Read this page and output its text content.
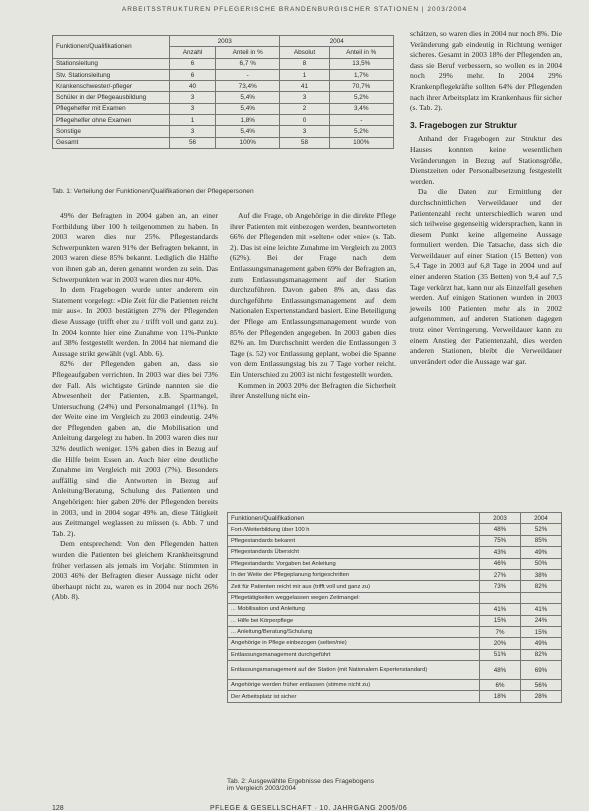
ARBEITSSTRUKTUREN PFLEGERISCHE BRANDENBURGISCHER STATIONEN | 2003/2004
Funktionen/Qualifikationen	2003		2004	
	Anzahl	Anteil in %	Absolut	Anteil in %
Stationsleitung	6	6,7 %	8	13,5%
Stv. Stationsleitung	6	-	1	1,7%
Krankenschwester/-pfleger	40	73,4%	41	70,7%
Schüler in der Pflegeausbildung	3	5,4%	3	5,2%
Pflegehelfer mit Examen	3	5,4%	2	3,4%
Pflegehelfer ohne Examen	1	1,8%	0	-
Sonstige	3	5,4%	3	5,2%
Gesamt	56	100%	58	100%
Tab. 1: Verteilung der Funktionen/Qualifikationen der Pflegepersonen

49% der Befragten in 2004 gaben an, an einer Fortbildung über 100 h teilgenommen zu haben. In 2003 waren dies nur 25%. Pflegestandards Schwerpunkten waren 91% der Befragten bekannt, in 2003 waren diese 85% bekannt. Lediglich die Hälfte von ihnen gab an, deren genannt worden zu sein. Das Schwerpunkten war in 2003 waren dies nur 40%.

In dem Fragebogen wurde unter anderem ein Statement vorgelegt: »Die Zeit für die Patienten reicht mir aus«. In 2003 bestätigten 27% der Pflegenden diese Aussage (trifft eher zu / trifft voll und ganz zu). In 2004 konnte hier eine Zunahme von 11%-Punkte auf 38% festgestellt werden. In 2004 hat niemand die Aussage strikt gewählt (vgl. Abb. 6).

82% der Pflegenden gaben an, dass sie Pflegeaufgaben verrichten. In 2003 war dies bei 73% der Fall. Als wichtigste Gründe nannten sie die Abwesenheit der Patienten, z.B. Sparmangel, Untersuchung (24%) und Personalmangel (11%). In der Weite eine im Vergleich zu 2003 eindeutig. 24% der Pflegenden gaben an, die Mobilisation und Anleitung dargelegt zu haben. In 2003 waren dies nur 32% deutlich weniger. 15% gaben dies in Bezug auf die Hilfe beim Essen an. Auch hier eine deutliche Zunahme im Vergleich mit 2003 (7%). Besonders auffällig sind die Antworten in Bezug auf Anleitung/Beratung, Schulung des Patienten und Angehörigen: hier gaben 20% der Pflegenden bereits in 2003, und in 2004 sogar 49% an, diese Tätigkeit aus Zeitmangel weglassen zu müssen (s. Abb. 7 und Tab. 2).

Dem entsprechend: Von den Pflegenden hatten wurden die Patienten bei gleichem Krankheitsgrund früher verlassen als jemals im Vorjahr. Stimmten in 2003 46% der Befragten dieser Aussage nicht oder überhaupt nicht zu, waren es in 2004 nur noch 26% (Abb. 8).

Auf die Frage, ob Angehörige in die direkte Pflege ihrer Patienten mit einbezogen werden, beantworteten 66% der Pflegenden mit »selten« oder »nie« (s. Tab. 2). Das ist eine leichte Zunahme im Vergleich zu 2003 (62%). Bei der Frage nach dem Entlassungsmanagement gaben 69% der Befragten an, zum Entlassungsmanagement auf der Station durchzuführen. Davon gaben 8% an, dass das durchgeführte Entlassungsmanagement auf dem Nationalen Expertenstandard basiert. Eine Beteiligung der Pflege am Entlassungsmanagement wurde von 85% der Pflegenden angegeben. In 2003 gaben dies 82% an. Im Durchschnitt werden die Entlassungen 3 Tage (s. 52) vor Entlassung geplant, wobei die Spanne von dem Entlassungstag bis zu 7 Tage vorher reicht. Ein Unterschied zu 2003 ist nicht festgestellt worden.

Kommen in 2003 20% der Befragten die Sicherheit ihrer Anstellung nicht ein-

schätzen, so waren dies in 2004 nur noch 8%. Die Veränderung gab eindeutig in Richtung weniger sicheres. Gesamt in 2003 18% der Pflegenden an, dass sie Beruf verbessern, so wollen es in 2004 noch 29% mehr. In 2004 29% Krankenpflegekräfte sollten 64% der Pflegenden nach ihrer Arbeitsplatz im Krankenhaus für sicher (s. Tab. 2).

3. Fragebogen zur Struktur

Anhand der Fragebogen zur Struktur des Hauses konnten keine wesentlichen Veränderungen in Bezug auf Stationsgröße, Dienstzeiten oder Personalbesetzung festgestellt werden.

Da die Daten zur Ermittlung der durchschnittlichen Verweildauer und der Patientenzahl recht unterschiedlich waren und sich teilweise gegenseitig widersprachen, kann in diesem Punkt keine allgemeine Aussage formuliert werden. Die Tatsache, dass sich die Verweildauer auf einer Station (15 Betten) von 5,4 Tage in 2003 auf 6,8 Tage in 2004 und auf einer anderen Station (35 Betten) von 9,4 auf 7,5 Tage verkürzt hat, kann nur als Einzelfall gesehen werden. Auf einigen Stationen wurden in 2003 jeweils 100 Patienten mehr als in 2002 aufgenommen, auf anderen Stationen dagegen trotz einer Verringerung. Verweildauer kann zu einem Anstieg der Patientenzahl, dies werden anderen Stationen, bleibt die Verweildauer unverändert oder die Aussage war gar.

Funktionen/Qualifikationen	2003	2004
Fort-/Weiterbildung über 100 h	48%	52%
Pflegestandards bekannt	75%	85%
Pflegestandards Übersicht	43%	49%
Pflegestandards: Vorgaben bei Anleitung	46%	50%
In der Weite der Pflegeplanung fortgeschritten	27%	38%
Zeit für Patienten reicht mir aus (trifft voll und ganz zu)	73%	82%
Pflegetätigkeiten weggelassen wegen Zeitmangel:		
... Mobilisation und Anleitung	41%	41%
... Hilfe bei Körperpflege	15%	24%
... Anleitung/Beratung/Schulung	7%	15%
Angehörige in Pflege einbezogen (selten/nie)	20%	49%
Entlassungsmanagement durchgeführt	51%	82%
Entlassungsmanagement auf der Station (mit Nationalem Expertenstandard)	48%	69%
Angehörige werden früher entlassen (stimme nicht zu)	6%	56%
Der Arbeitsplatz ist sicher	18%	28%
Tab. 2: Ausgewählte Ergebnisse des Fragebogens
im Vergleich 2003/2004
128	PFLEGE & GESELLSCHAFT · 10. JAHRGANG 2005/06
